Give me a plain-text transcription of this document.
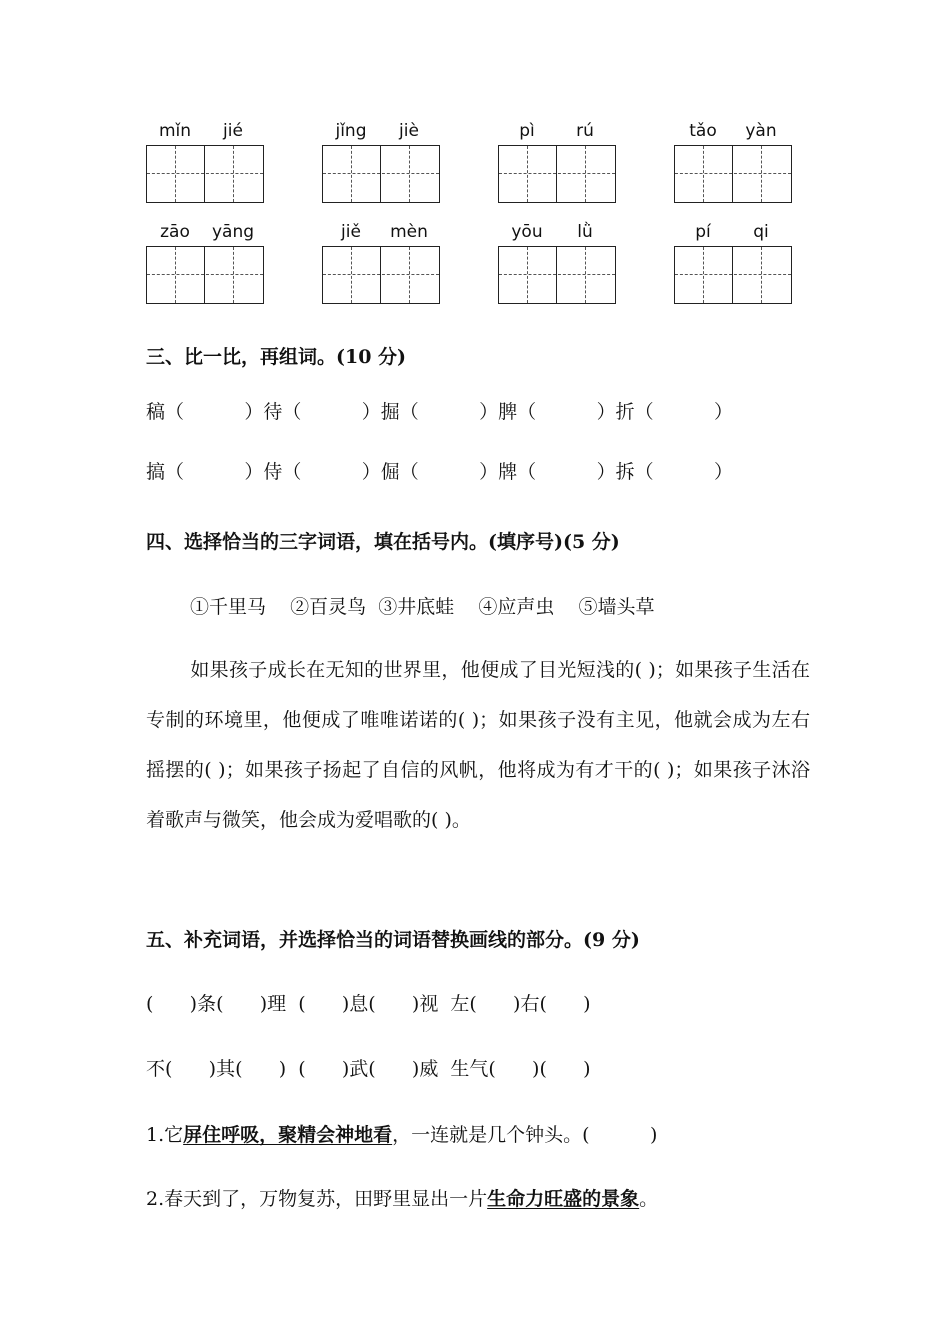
mǐn	jié	jǐng	jiè	pì	rú	tǎo	yàn
zāo	yāng	jiě	mèn	yōu	lǜ	pí	qi
三、比一比，再组词。(10 分)
稿（          ）待（          ）掘（          ）脾（          ）折（          ）
搞（          ）侍（          ）倔（          ）牌（          ）拆（          ）
四、选择恰当的三字词语，填在括号内。(填序号)(5 分)
①千里马    ②百灵鸟  ③井底蛙    ④应声虫    ⑤墙头草
如果孩子成长在无知的世界里，他便成了目光短浅的( )；如果孩子生活在专制的环境里，他便成了唯唯诺诺的( )；如果孩子没有主见，他就会成为左右摇摆的( )；如果孩子扬起了自信的风帆，他将成为有才干的( )；如果孩子沐浴着歌声与微笑，他会成为爱唱歌的( )。
五、补充词语，并选择恰当的词语替换画线的部分。(9 分)
(      )条(      )理  (      )息(      )视  左(      )右(      )
不(      )其(      )  (      )武(      )威  生气(      )(      )
1.它屏住呼吸，聚精会神地看，一连就是几个钟头。(          )
2.春天到了，万物复苏，田野里显出一片生命力旺盛的景象。
